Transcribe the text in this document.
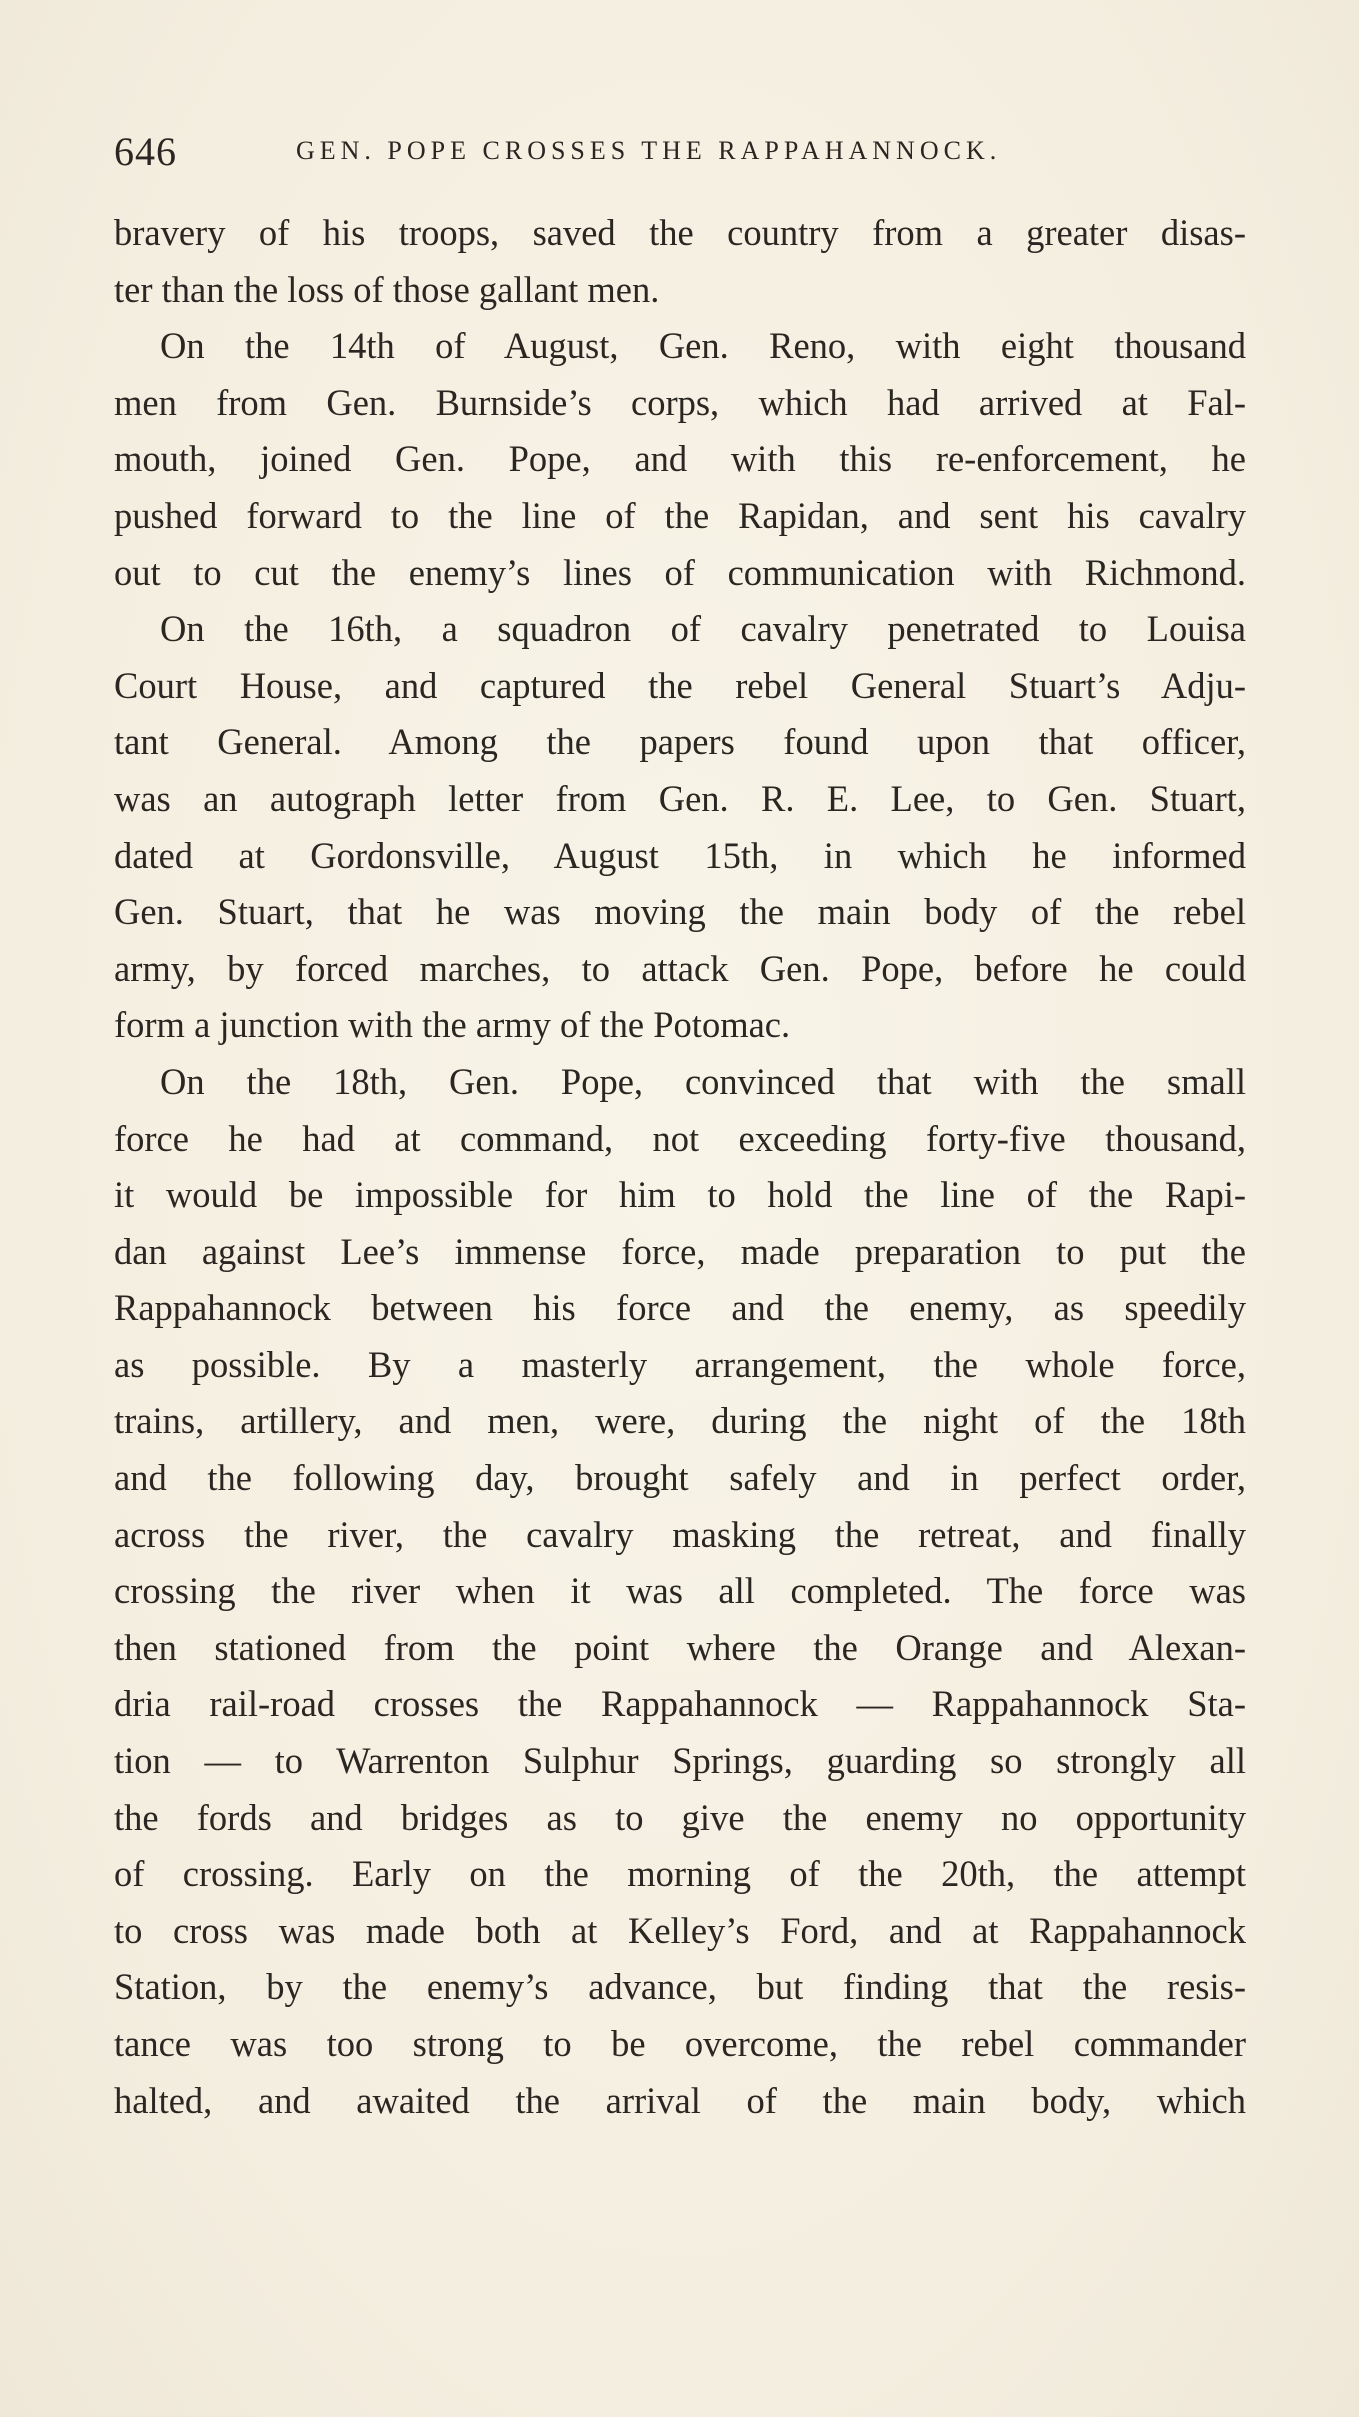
646	GEN. POPE CROSSES THE RAPPAHANNOCK.
bravery of his troops, saved the country from a greater disas-
ter than the loss of those gallant men.
On the 14th of August, Gen. Reno, with eight thousand
men from Gen. Burnside’s corps, which had arrived at Fal-
mouth, joined Gen. Pope, and with this re-enforcement, he
pushed forward to the line of the Rapidan, and sent his cavalry
out to cut the enemy’s lines of communication with Richmond.
On the 16th, a squadron of cavalry penetrated to Louisa
Court House, and captured the rebel General Stuart’s Adju-
tant General. Among the papers found upon that officer,
was an autograph letter from Gen. R. E. Lee, to Gen. Stuart,
dated at Gordonsville, August 15th, in which he informed
Gen. Stuart, that he was moving the main body of the rebel
army, by forced marches, to attack Gen. Pope, before he could
form a junction with the army of the Potomac.
On the 18th, Gen. Pope, convinced that with the small
force he had at command, not exceeding forty-five thousand,
it would be impossible for him to hold the line of the Rapi-
dan against Lee’s immense force, made preparation to put the
Rappahannock between his force and the enemy, as speedily
as possible. By a masterly arrangement, the whole force,
trains, artillery, and men, were, during the night of the 18th
and the following day, brought safely and in perfect order,
across the river, the cavalry masking the retreat, and finally
crossing the river when it was all completed. The force was
then stationed from the point where the Orange and Alexan-
dria rail-road crosses the Rappahannock — Rappahannock Sta-
tion — to Warrenton Sulphur Springs, guarding so strongly all
the fords and bridges as to give the enemy no opportunity
of crossing. Early on the morning of the 20th, the attempt
to cross was made both at Kelley’s Ford, and at Rappahannock
Station, by the enemy’s advance, but finding that the resis-
tance was too strong to be overcome, the rebel commander
halted, and awaited the arrival of the main body, which
